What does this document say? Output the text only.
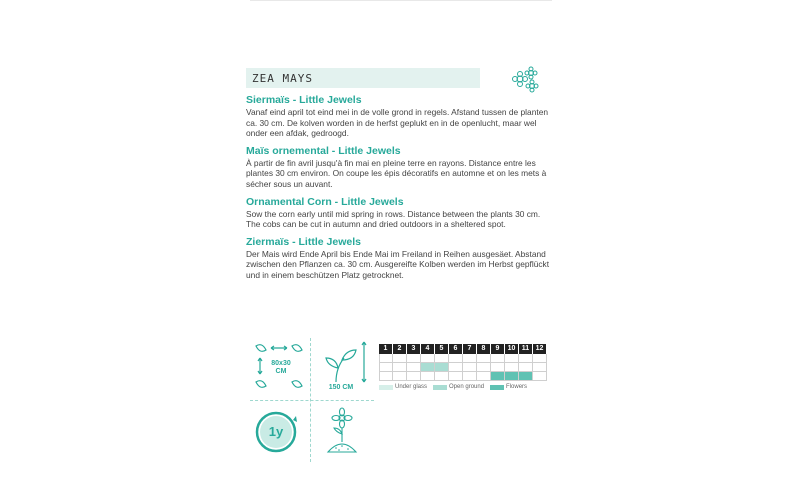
ZEA MAYS
Siermaïs - Little Jewels
Vanaf eind april tot eind mei in de volle grond in regels. Afstand tussen de planten ca. 30 cm. De kolven worden in de herfst geplukt en in de openlucht, maar wel onder een afdak, gedroogd.
Maïs ornemental - Little Jewels
À partir de fin avril jusqu'à fin mai en pleine terre en rayons. Distance entre les plantes 30 cm environ. On coupe les épis décoratifs en automne et on les mets à sécher sous un auvant.
Ornamental Corn - Little Jewels
Sow the corn early until mid spring in rows. Distance between the plants 30 cm. The cobs can be cut in autumn and dried outdoors in a sheltered spot.
Ziermaïs - Little Jewels
Der Mais wird Ende April bis Ende Mai im Freiland in Reihen ausgesäet. Abstand zwischen den Pflanzen ca. 30 cm. Ausgereifte Kolben werden im Herbst gepflückt und in einem beschützen Platz getrocknet.
80x30
CM
150 CM
1y
1	2	3	4	5	6	7	8	9	10 11 12
Under glass	Open ground	Flowers
